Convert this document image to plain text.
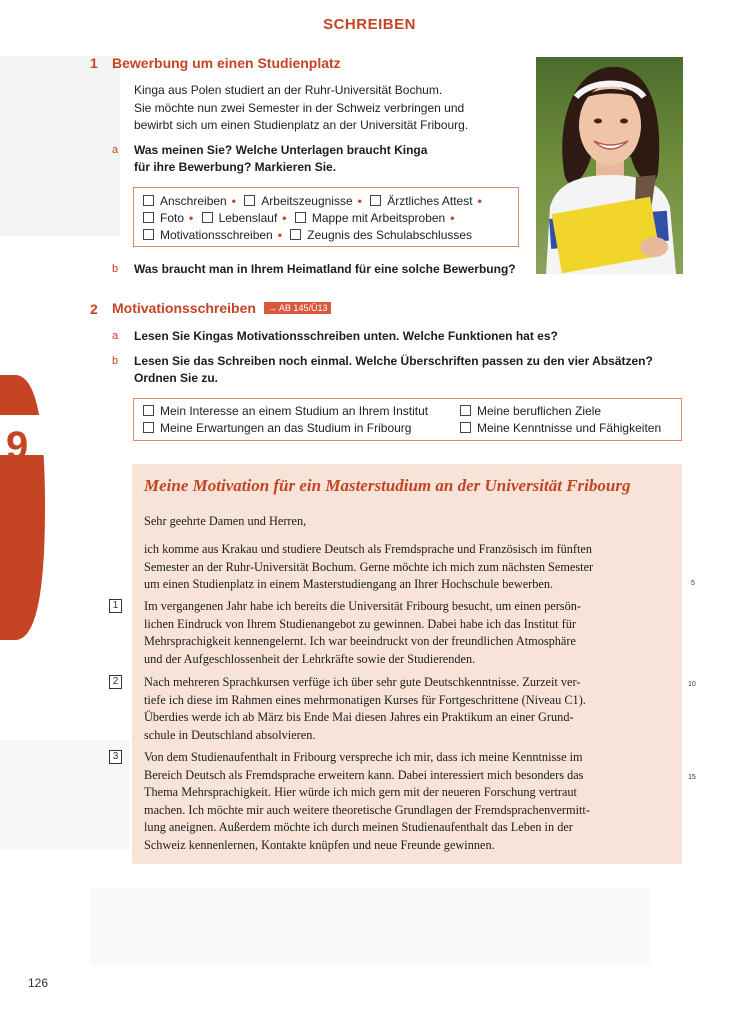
SCHREIBEN
1 Bewerbung um einen Studienplatz
Kinga aus Polen studiert an der Ruhr-Universität Bochum.
Sie möchte nun zwei Semester in der Schweiz verbringen und
bewirbt sich um einen Studienplatz an der Universität Fribourg.
a Was meinen Sie? Welche Unterlagen braucht Kinga
für ihre Bewerbung? Markieren Sie.
Anschreiben • Arbeitszeugnisse • Ärztliches Attest •
Foto • Lebenslauf • Mappe mit Arbeitsproben •
Motivationsschreiben • Zeugnis des Schulabschlusses
b Was braucht man in Ihrem Heimatland für eine solche Bewerbung?
2 Motivationsschreiben → AB 145/Ü13
a Lesen Sie Kingas Motivationsschreiben unten. Welche Funktionen hat es?
b Lesen Sie das Schreiben noch einmal. Welche Überschriften passen zu den vier Absätzen?
Ordnen Sie zu.
Mein Interesse an einem Studium an Ihrem Institut
Meine Erwartungen an das Studium in Fribourg
Meine beruflichen Ziele
Meine Kenntnisse und Fähigkeiten
9
Meine Motivation für ein Masterstudium an der Universität Fribourg
Sehr geehrte Damen und Herren,
ich komme aus Krakau und studiere Deutsch als Fremdsprache und Französisch im fünften
Semester an der Ruhr-Universität Bochum. Gerne möchte ich mich zum nächsten Semester
um einen Studienplatz in einem Masterstudiengang an Ihrer Hochschule bewerben.
Im vergangenen Jahr habe ich bereits die Universität Fribourg besucht, um einen persön-
lichen Eindruck von Ihrem Studienangebot zu gewinnen. Dabei habe ich das Institut für
Mehrsprachigkeit kennengelernt. Ich war beeindruckt von der freundlichen Atmosphäre
und der Aufgeschlossenheit der Lehrkräfte sowie der Studierenden.
Nach mehreren Sprachkursen verfüge ich über sehr gute Deutschkenntnisse. Zurzeit ver-
tiefe ich diese im Rahmen eines mehrmonatigen Kurses für Fortgeschrittene (Niveau C1).
Überdies werde ich ab März bis Ende Mai diesen Jahres ein Praktikum an einer Grund-
schule in Deutschland absolvieren.
Von dem Studienaufenthalt in Fribourg verspreche ich mir, dass ich meine Kenntnisse im
Bereich Deutsch als Fremdsprache erweitern kann. Dabei interessiert mich besonders das
Thema Mehrsprachigkeit. Hier würde ich mich gern mit der neueren Forschung vertraut
machen. Ich möchte mir auch weitere theoretische Grundlagen der Fremdsprachenvermitt-
lung aneignen. Außerdem möchte ich durch meinen Studienaufenthalt das Leben in der
Schweiz kennenlernen, Kontakte knüpfen und neue Freunde gewinnen.
1
2
3
5
10
15
126
